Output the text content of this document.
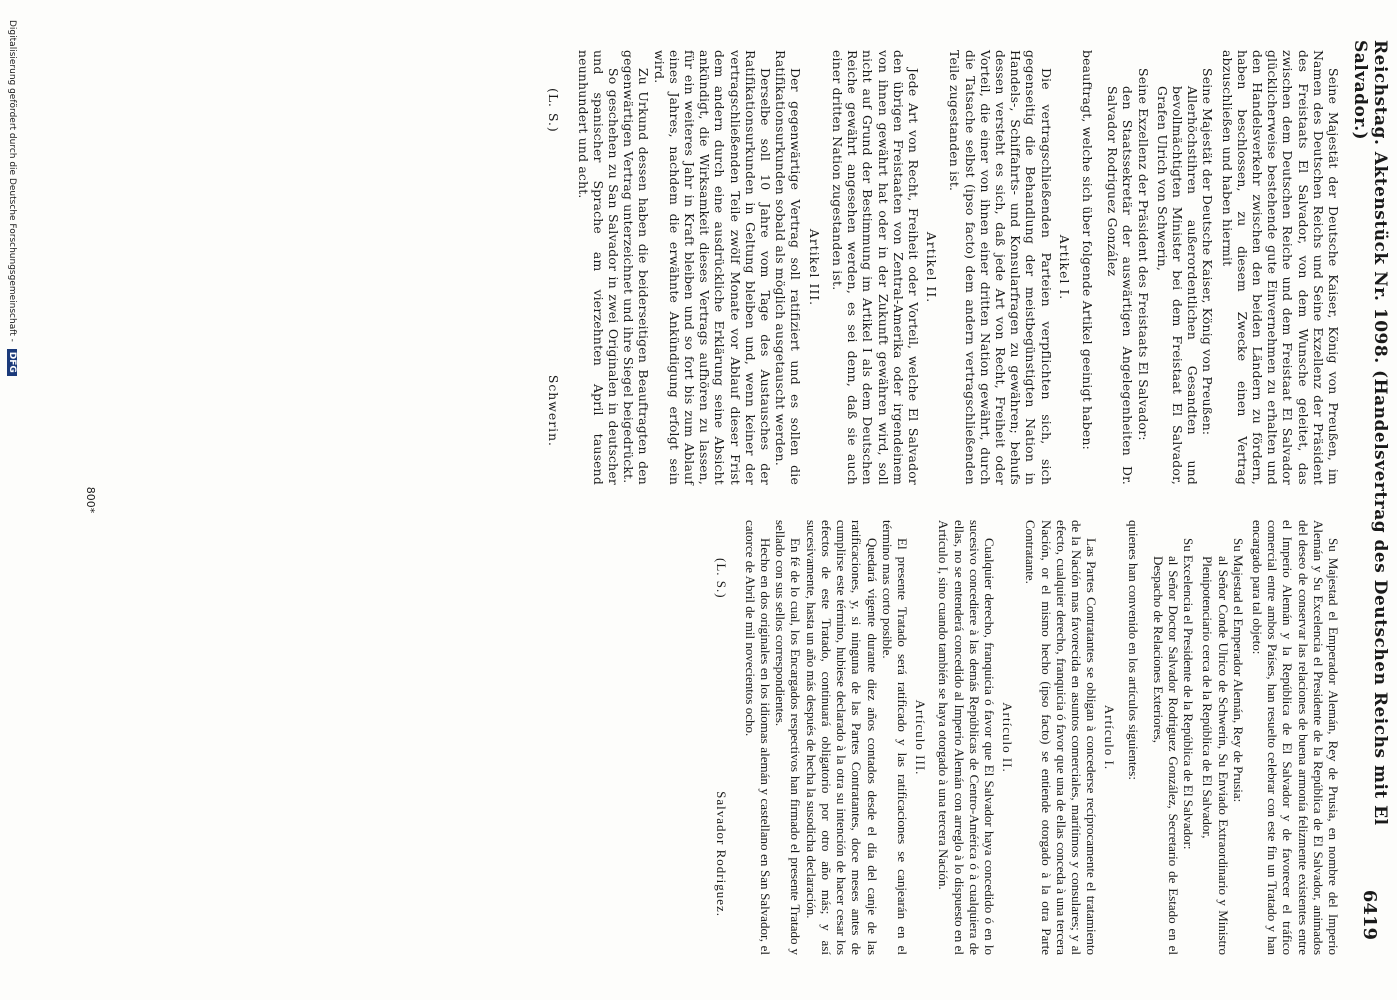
Reichstag. Aktenstück Nr. 1098. (Handelsvertrag des Deutschen Reichs mit El Salvador.)
6419

Seine Majestät der Deutsche Kaiser, König von Preußen, im Namen des Deutschen Reichs und Seine Exzellenz der Präsident des Freistaats El Salvador, von dem Wunsche geleitet, das zwischen dem Deutschen Reiche und dem Freistaat El Salvador glücklicherweise bestehende gute Einvernehmen zu erhalten und den Handelsverkehr zwischen den beiden Ländern zu fördern, haben beschlossen, zu diesem Zwecke einen Vertrag abzuschließen und haben hiermit

Seine Majestät der Deutsche Kaiser, König von Preußen:

Allerhöchstihren außerordentlichen Gesandten und bevollmächtigten Minister bei dem Freistaat El Salvador, Grafen Ulrich von Schwerin,

Seine Exzellenz der Präsident des Freistaats El Salvador:

den Staatssekretär der auswärtigen Angelegenheiten Dr. Salvador Rodriguez González

beauftragt, welche sich über folgende Artikel geeinigt haben:

Artikel I.

Die vertragschließenden Parteien verpflichten sich, sich gegenseitig die Behandlung der meistbegünstigten Nation in Handels-, Schiffahrts- und Konsularfragen zu gewähren; behufs dessen versteht es sich, daß jede Art von Recht, Freiheit oder Vorteil, die einer von ihnen einer dritten Nation gewährt, durch die Tatsache selbst (ipso facto) dem andern vertragschließenden Teile zugestanden ist.

Artikel II.

Jede Art von Recht, Freiheit oder Vorteil, welche El Salvador den übrigen Freistaaten von Zentral-Amerika oder irgendeinem von ihnen gewährt hat oder in der Zukunft gewähren wird, soll nicht auf Grund der Bestimmung im Artikel I als dem Deutschen Reiche gewährt angesehen werden, es sei denn, daß sie auch einer dritten Nation zugestanden ist.

Artikel III.

Der gegenwärtige Vertrag soll ratifiziert und es sollen die Ratifikationsurkunden sobald als möglich ausgetauscht werden.

Derselbe soll 10 Jahre vom Tage des Austausches der Ratifikationsurkunden in Geltung bleiben und, wenn keiner der vertragschließenden Teile zwölf Monate vor Ablauf dieser Frist dem andern durch eine ausdrückliche Erklärung seine Absicht ankündigt, die Wirksamkeit dieses Vertrags aufhören zu lassen, für ein weiteres Jahr in Kraft bleiben und so fort bis zum Ablauf eines Jahres, nachdem die erwähnte Ankündigung erfolgt sein wird.

Zu Urkund dessen haben die beiderseitigen Beauftragten den gegenwärtigen Vertrag unterzeichnet und ihre Siegel beigedrückt.

So geschehen zu San Salvador in zwei Originalen in deutscher und spanischer Sprache am vierzehnten April tausend neunhundert und acht.

(L. S.)
Schwerin.

Su Majestad el Emperador Alemán, Rey de Prusia, en nombre del Imperio Alemán y Su Excelencia el Presidente de la República de El Salvador, animados del deseo de conservar las relaciones de buena armonía felizmente existentes entre el Imperio Alemán y la República de El Salvador y de favorecer el tráfico comercial entre ambos Países, han resuelto celebrar con este fin un Tratado y han encargado para tal objeto:

Su Majestad el Emperador Alemán, Rey de Prusia:

al Señor Conde Ulrico de Schwerin, Su Enviado Extraordinario y Ministro Plenipotenciario cerca de la República de El Salvador,

Su Excelencia el Presidente de la República de El Salvador:

al Señor Doctor Salvador Rodriguez González, Secretario de Estado en el Despacho de Relaciones Exteriores,

quienes han convenido en los artículos siguientes:

Artículo I.

Las Partes Contratantes se obligan à concederse recíprocamente el tratamiento de la Nación mas favorecida en asuntos comerciales, marítimos y consulares; y al efecto, cualquier derecho, franquicia ó favor que una de ellas conceda à una tercera Nación, or el mismo hecho (ipso facto) se entiende otorgado à la otra Parte Contratante.

Artículo II.

Cualquier derecho, franquicia ó favor que El Salvador haya concedido ó en lo sucesivo concediere à las demás Repúblicas de Centro-América ó à cualquiera de ellas, no se entenderá concedido al Imperio Alemán con arreglo à lo dispuesto en el Artículo I, sino cuando también se haya otorgado à una tercera Nación.

Artículo III.

El presente Tratado será ratificado y las ratificaciones se canjearán en el término mas corto posible.

Quedará vigente durante diez años contados desde el día del canje de las ratificaciones, y, si ninguna de las Partes Contratantes, doce meses antes de cumplirse este término, hubiese declarado à la otra su intención de hacer cesar los efectos de este Tratado, continuará obligatorio por otro año más; y así sucesivamente, hasta un año más después de hecha la susodicha declaración.

En fé de lo cual, los Encargados respectivos han firmado el presente Tratado y sellado con sus sellos correspondientes.

Hecho en dos originales en los idiomas alemán y castellano en San Salvador, el catorce de Abril de mil novecientos ocho.

(L. S.)
Salvador Rodriguez.
800*
Digitalisierung gefördert durch die Deutsche Forschungsgemeinschaft - DFG
